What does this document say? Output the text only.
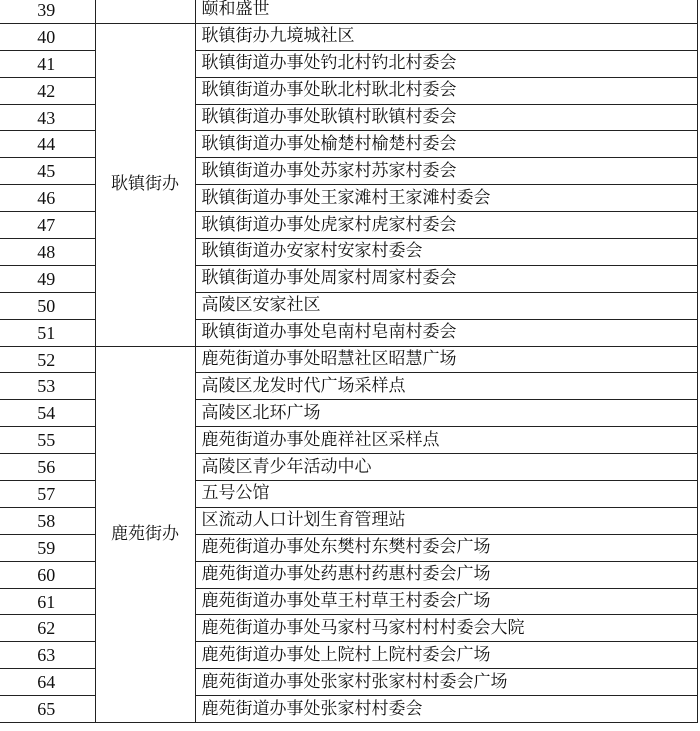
39		颐和盛世
40	耿镇街办	耿镇街办九境城社区
41		耿镇街道办事处钓北村钓北村委会
42		耿镇街道办事处耿北村耿北村委会
43		耿镇街道办事处耿镇村耿镇村委会
44		耿镇街道办事处榆楚村榆楚村委会
45		耿镇街道办事处苏家村苏家村委会
46		耿镇街道办事处王家滩村王家滩村委会
47		耿镇街道办事处虎家村虎家村委会
48		耿镇街道办安家村安家村委会
49		耿镇街道办事处周家村周家村委会
50		高陵区安家社区
51		耿镇街道办事处皂南村皂南村委会
52	鹿苑街办	鹿苑街道办事处昭慧社区昭慧广场
53		高陵区龙发时代广场采样点
54		高陵区北环广场
55		鹿苑街道办事处鹿祥社区采样点
56		高陵区青少年活动中心
57		五号公馆
58		区流动人口计划生育管理站
59		鹿苑街道办事处东樊村东樊村委会广场
60		鹿苑街道办事处药惠村药惠村委会广场
61		鹿苑街道办事处草王村草王村委会广场
62		鹿苑街道办事处马家村马家村村村委会大院
63		鹿苑街道办事处上院村上院村委会广场
64		鹿苑街道办事处张家村张家村村委会广场
65		鹿苑街道办事处张家村村委会
